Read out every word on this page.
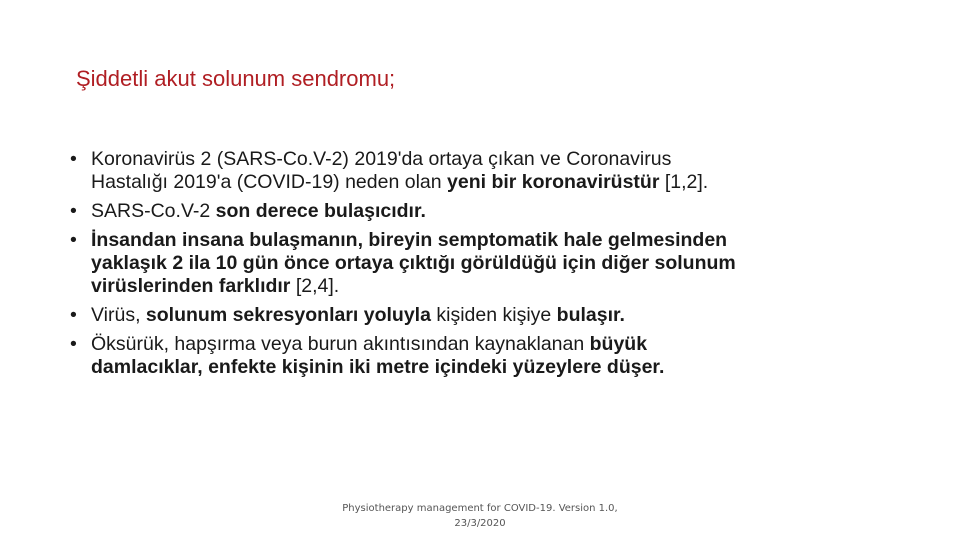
Şiddetli akut solunum sendromu;
• Koronavirüs 2 (SARS-Co.V-2) 2019'da ortaya çıkan ve Coronavirus
Hastalığı 2019'a (COVID-19) neden olan yeni bir koronavirüstür [1,2].
• SARS-Co.V-2 son derece bulaşıcıdır.
• İnsandan insana bulaşmanın, bireyin semptomatik hale gelmesinden
yaklaşık 2 ila 10 gün önce ortaya çıktığı görüldüğü için diğer solunum
virüslerinden farklıdır [2,4].
• Virüs, solunum sekresyonları yoluyla kişiden kişiye bulaşır.
• Öksürük, hapşırma veya burun akıntısından kaynaklanan büyük
damlacıklar, enfekte kişinin iki metre içindeki yüzeylere düşer.
Physiotherapy management for COVID-19. Version 1.0,
23/3/2020
